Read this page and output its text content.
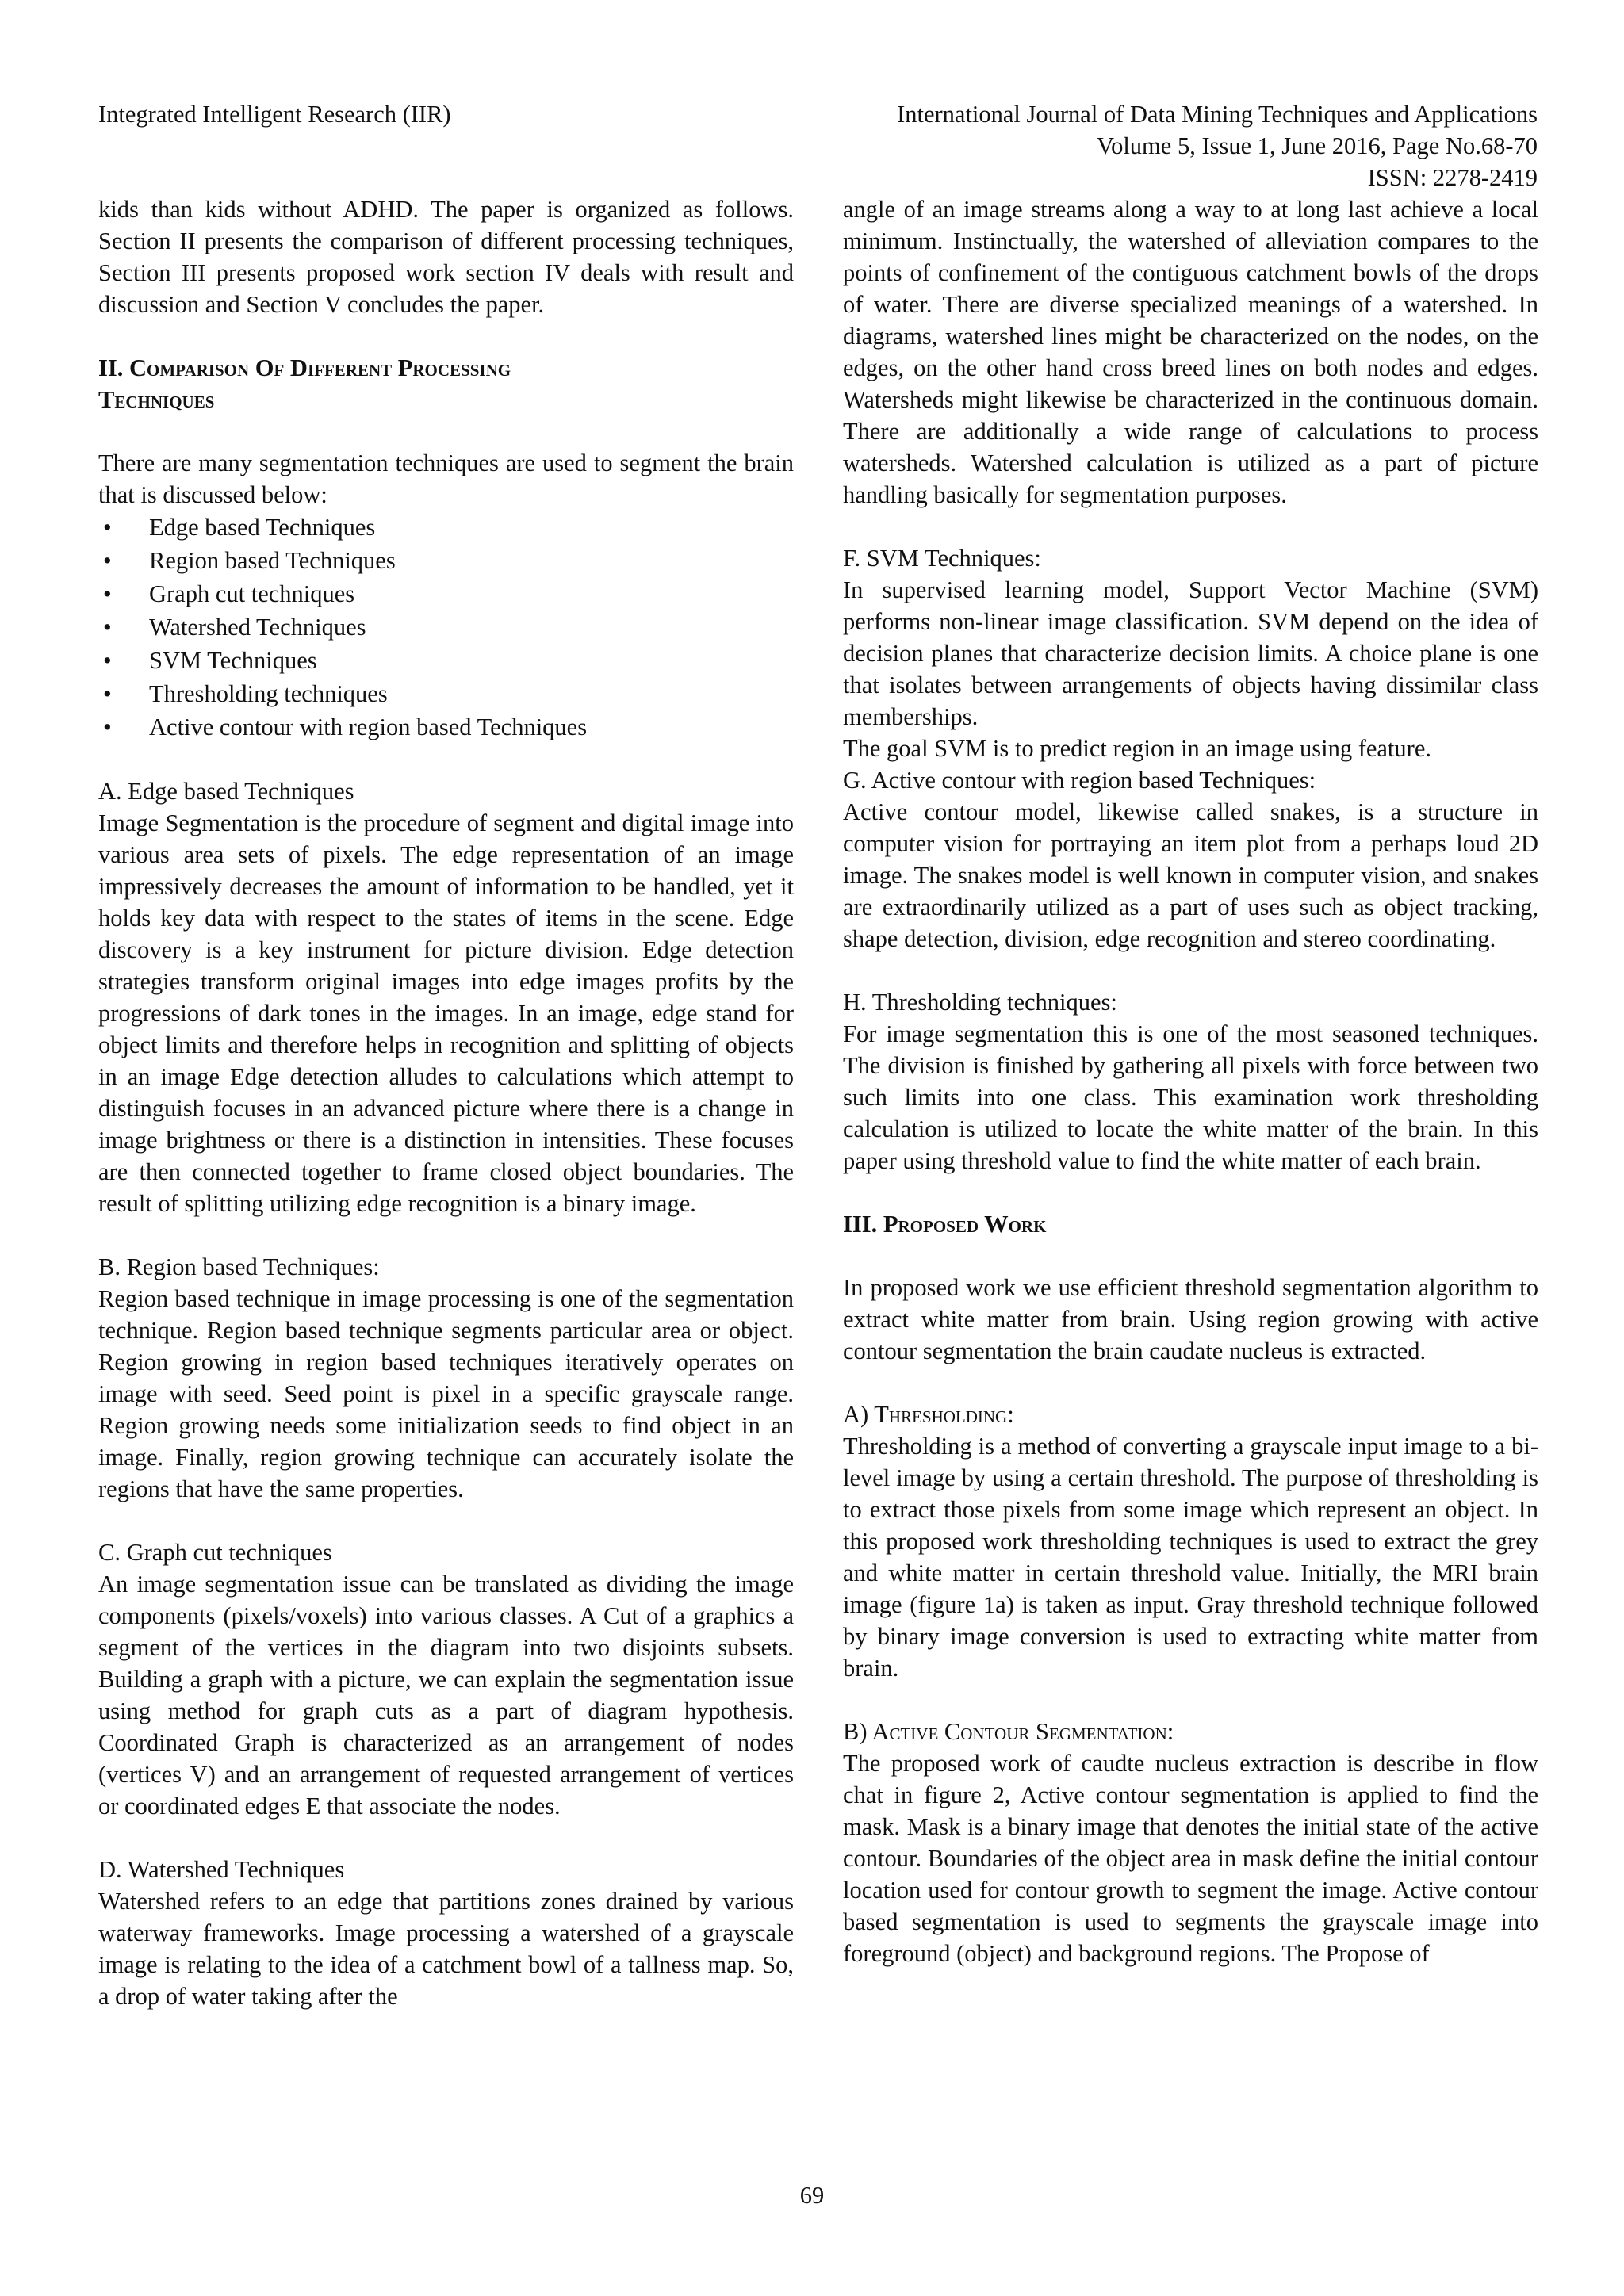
Integrated Intelligent Research (IIR)	International Journal of Data Mining Techniques and Applications
Volume 5, Issue 1, June 2016, Page No.68-70
ISSN: 2278-2419

kids than kids without ADHD. The paper is organized as follows. Section II presents the comparison of different processing techniques, Section III presents proposed work section IV deals with result and discussion and Section V concludes the paper.

II. Comparison Of Different Processing

Techniques

There are many segmentation techniques are used to segment the brain that is discussed below:

• Edge based Techniques
• Region based Techniques
• Graph cut techniques
• Watershed Techniques
• SVM Techniques
• Thresholding techniques
• Active contour with region based Techniques

A. Edge based Techniques

Image Segmentation is the procedure of segment and digital image into various area sets of pixels. The edge representation of an image impressively decreases the amount of information to be handled, yet it holds key data with respect to the states of items in the scene. Edge discovery is a key instrument for picture division. Edge detection strategies transform original images into edge images profits by the progressions of dark tones in the images. In an image, edge stand for object limits and therefore helps in recognition and splitting of objects in an image Edge detection alludes to calculations which attempt to distinguish focuses in an advanced picture where there is a change in image brightness or there is a distinction in intensities. These focuses are then connected together to frame closed object boundaries. The result of splitting utilizing edge recognition is a binary image.

B. Region based Techniques:

Region based technique in image processing is one of the segmentation technique. Region based technique segments particular area or object. Region growing in region based techniques iteratively operates on image with seed. Seed point is pixel in a specific grayscale range. Region growing needs some initialization seeds to find object in an image. Finally, region growing technique can accurately isolate the regions that have the same properties.

C. Graph cut techniques

An image segmentation issue can be translated as dividing the image components (pixels/voxels) into various classes. A Cut of a graphics a segment of the vertices in the diagram into two disjoints subsets. Building a graph with a picture, we can explain the segmentation issue using method for graph cuts as a part of diagram hypothesis. Coordinated Graph is characterized as an arrangement of nodes (vertices V) and an arrangement of requested arrangement of vertices or coordinated edges E that associate the nodes.

D. Watershed Techniques

Watershed refers to an edge that partitions zones drained by various waterway frameworks. Image processing a watershed of a grayscale image is relating to the idea of a catchment bowl of a tallness map. So, a drop of water taking after the

angle of an image streams along a way to at long last achieve a local minimum. Instinctually, the watershed of alleviation compares to the points of confinement of the contiguous catchment bowls of the drops of water. There are diverse specialized meanings of a watershed. In diagrams, watershed lines might be characterized on the nodes, on the edges, on the other hand cross breed lines on both nodes and edges. Watersheds might likewise be characterized in the continuous domain. There are additionally a wide range of calculations to process watersheds. Watershed calculation is utilized as a part of picture handling basically for segmentation purposes.

F. SVM Techniques:

In supervised learning model, Support Vector Machine (SVM) performs non-linear image classification. SVM depend on the idea of decision planes that characterize decision limits. A choice plane is one that isolates between arrangements of objects having dissimilar class memberships.

The goal SVM is to predict region in an image using feature.

G. Active contour with region based Techniques:

Active contour model, likewise called snakes, is a structure in computer vision for portraying an item plot from a perhaps loud 2D image. The snakes model is well known in computer vision, and snakes are extraordinarily utilized as a part of uses such as object tracking, shape detection, division, edge recognition and stereo coordinating.

H. Thresholding techniques:

For image segmentation this is one of the most seasoned techniques. The division is finished by gathering all pixels with force between two such limits into one class. This examination work thresholding calculation is utilized to locate the white matter of the brain. In this paper using threshold value to find the white matter of each brain.

III. Proposed Work

In proposed work we use efficient threshold segmentation algorithm to extract white matter from brain. Using region growing with active contour segmentation the brain caudate nucleus is extracted.

A) Thresholding:

Thresholding is a method of converting a grayscale input image to a bi-level image by using a certain threshold. The purpose of thresholding is to extract those pixels from some image which represent an object. In this proposed work thresholding techniques is used to extract the grey and white matter in certain threshold value. Initially, the MRI brain image (figure 1a) is taken as input. Gray threshold technique followed by binary image conversion is used to extracting white matter from brain.

B) Active Contour Segmentation:

The proposed work of caudte nucleus extraction is describe in flow chat in figure 2, Active contour segmentation is applied to find the mask. Mask is a binary image that denotes the initial state of the active contour. Boundaries of the object area in mask define the initial contour location used for contour growth to segment the image. Active contour based segmentation is used to segments the grayscale image into foreground (object) and background regions. The Propose of

69
